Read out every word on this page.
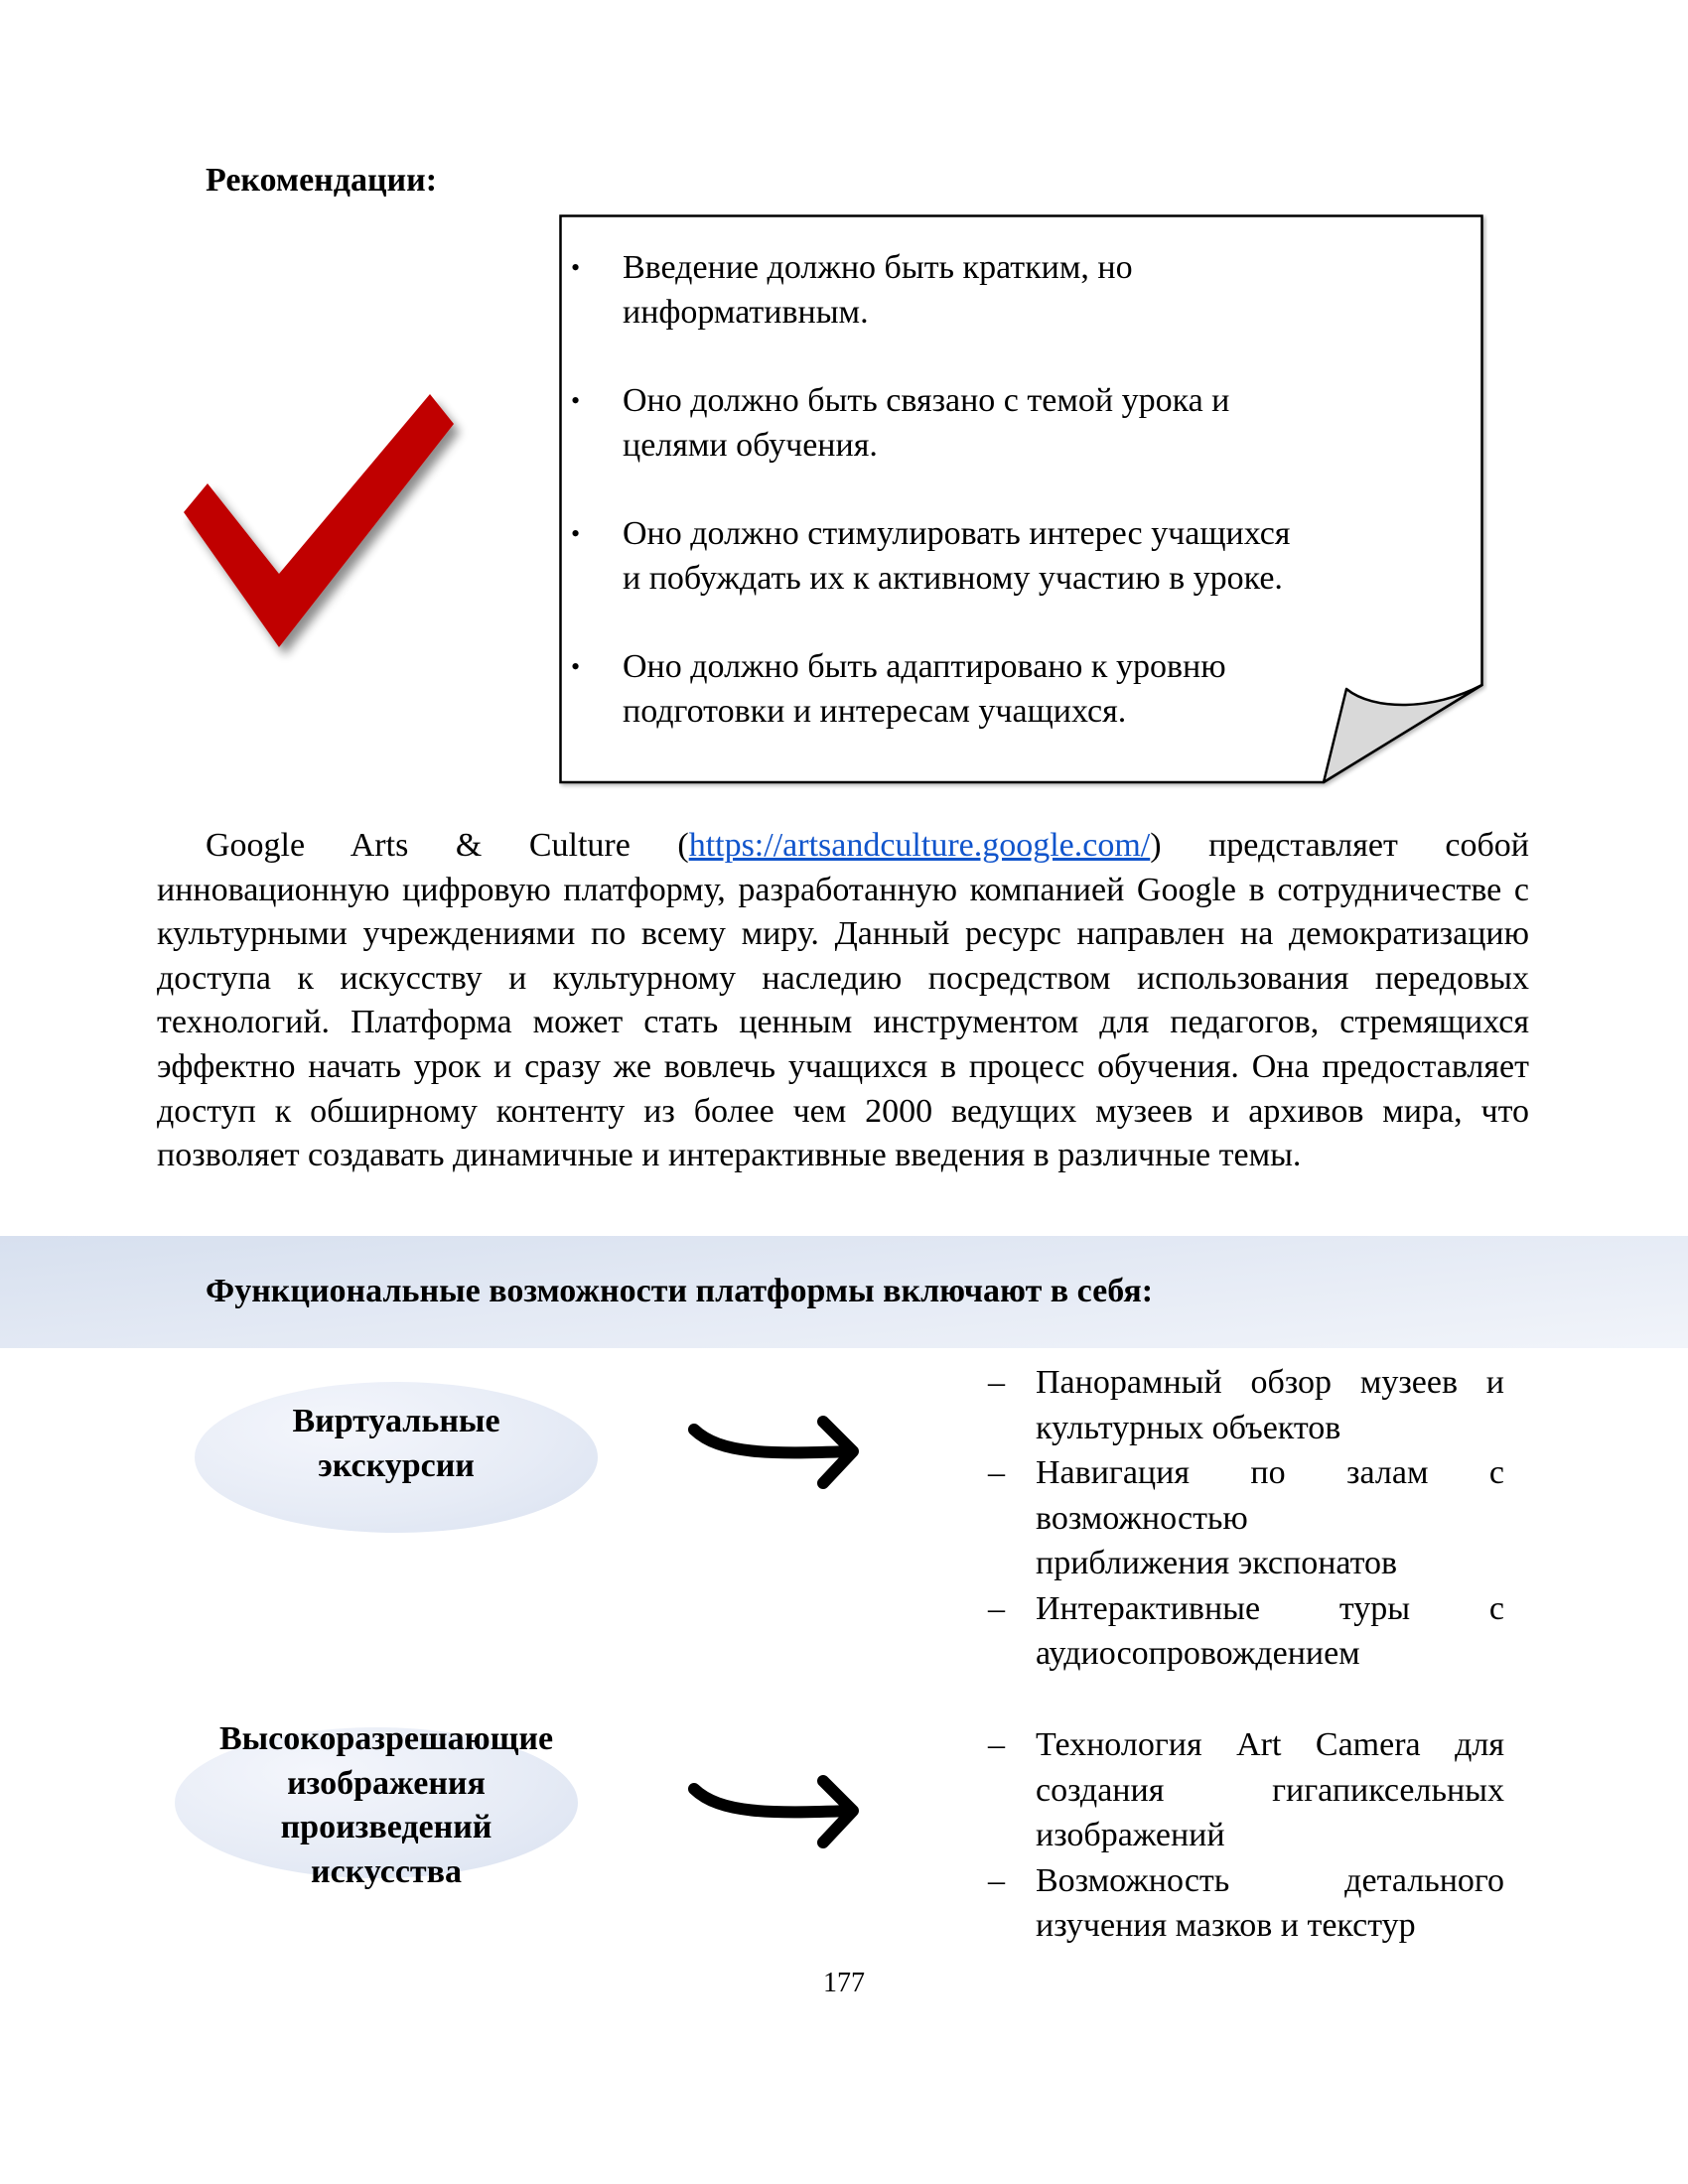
Рекомендации:
• Введение должно быть кратким, но
информативным.
• Оно должно быть связано с темой урока и
целями обучения.
• Оно должно стимулировать интерес учащихся
и побуждать их к активному участию в уроке.
• Оно должно быть адаптировано к уровню
подготовки и интересам учащихся.

Google Arts & Culture (https://artsandculture.google.com/) представляет собой инновационную цифровую платформу, разработанную компанией Google в сотрудничестве с культурными учреждениями по всему миру. Данный ресурс направлен на демократизацию доступа к искусству и культурному наследию посредством использования передовых технологий. Платформа может стать ценным инструментом для педагогов, стремящихся эффектно начать урок и сразу же вовлечь учащихся в процесс обучения. Она предоставляет доступ к обширному контенту из более чем 2000 ведущих музеев и архивов мира, что позволяет создавать динамичные и интерактивные введения в различные темы.

Функциональные возможности платформы включают в себя:
Виртуальные
экскурсии
– Панорамный обзор музеев и культурных объектов
– Навигация по залам с
возможностью
приближения экспонатов
– Интерактивные туры с аудиосопровождением
Высокоразрешающие
изображения
произведений
искусства
– Технология Art Camera для создания гигапиксельных изображений
– Возможность детального изучения мазков и текстур
177
